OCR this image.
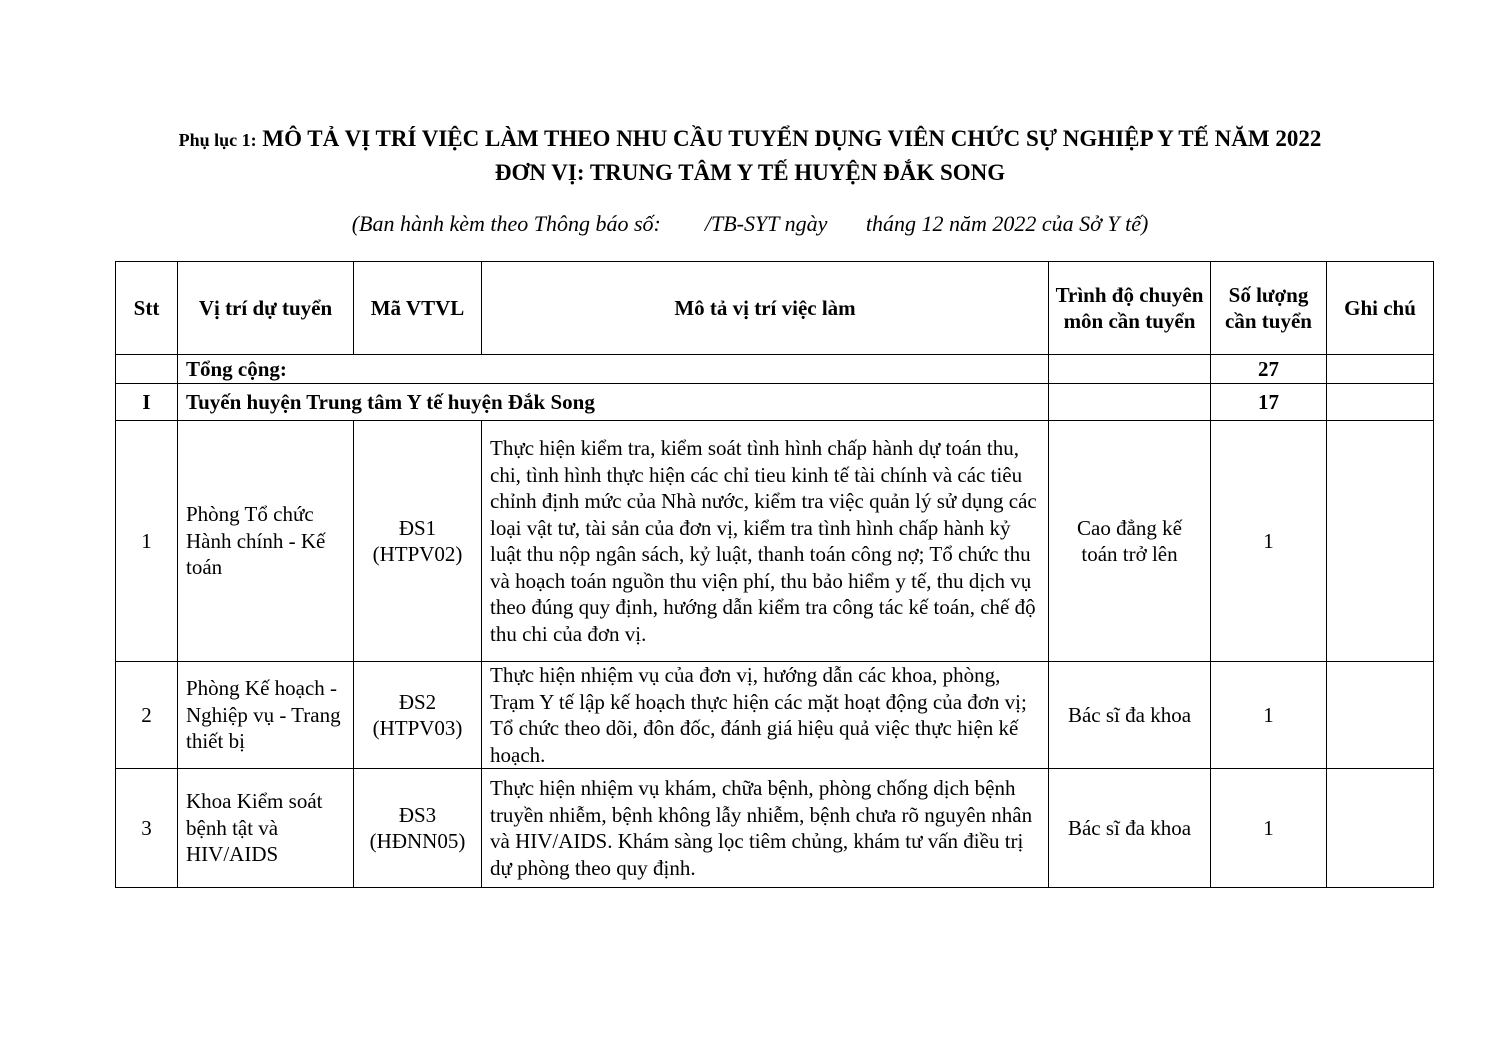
Phụ lục 1: MÔ TẢ VỊ TRÍ VIỆC LÀM THEO NHU CẦU TUYỂN DỤNG VIÊN CHỨC SỰ NGHIỆP Y TẾ NĂM 2022
ĐƠN VỊ: TRUNG TÂM Y TẾ HUYỆN ĐẮK SONG
(Ban hành kèm theo Thông báo số:        /TB-SYT ngày       tháng 12 năm 2022 của Sở Y tế)
Stt	Vị trí dự tuyển	Mã VTVL	Mô tả vị trí việc làm	Trình độ chuyên môn cần tuyển	Số lượng cần tuyển	Ghi chú
	Tổng cộng:				27	
I	Tuyến huyện Trung tâm Y tế huyện Đắk Song				17	
1	Phòng Tổ chức Hành chính - Kế toán	ĐS1 (HTPV02)	Thực hiện kiểm tra, kiểm soát tình hình chấp hành dự toán thu, chi, tình hình thực hiện các chỉ tieu kinh tế tài chính và các tiêu chỉnh định mức của Nhà nước, kiểm tra việc quản lý sử dụng các loại vật tư, tài sản của đơn vị, kiểm tra tình hình chấp hành kỷ luật thu nộp ngân sách, kỷ luật, thanh toán công nợ; Tổ chức thu và hoạch toán nguồn thu viện phí, thu bảo hiểm y tế, thu dịch vụ theo đúng quy định, hướng dẫn kiểm tra công tác kế toán, chế độ thu chi của đơn vị.	Cao đẳng kế toán trở lên	1	
2	Phòng Kế hoạch - Nghiệp vụ - Trang thiết bị	ĐS2 (HTPV03)	Thực hiện nhiệm vụ của đơn vị, hướng dẫn các khoa, phòng, Trạm Y tế lập kế hoạch thực hiện các mặt hoạt động của đơn vị; Tổ chức theo dõi, đôn đốc, đánh giá hiệu quả việc thực hiện kế hoạch.	Bác sĩ đa khoa	1	
3	Khoa Kiểm soát bệnh tật và HIV/AIDS	ĐS3 (HĐNN05)	Thực hiện nhiệm vụ khám, chữa bệnh, phòng chống dịch bệnh truyền nhiễm, bệnh không lẫy nhiễm, bệnh chưa rõ nguyên nhân và HIV/AIDS. Khám sàng lọc tiêm chủng, khám tư vấn điều trị dự phòng theo quy định.	Bác sĩ đa khoa	1	
